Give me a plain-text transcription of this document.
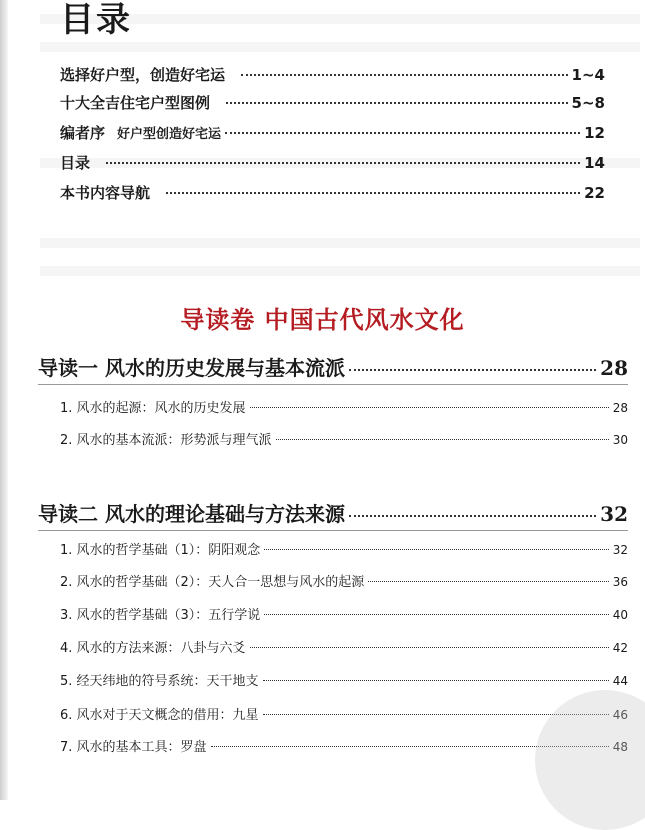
目录
选择好户型，创造好宅运	1~4
十大全吉住宅户型图例	5~8
编者序 好户型创造好宅运	12
目录	14
本书内容导航	22
导读卷 中国古代风水文化
导读一 风水的历史发展与基本流派	28
1. 风水的起源：风水的历史发展	28
2. 风水的基本流派：形势派与理气派	30
导读二 风水的理论基础与方法来源	32
1. 风水的哲学基础（1）：阴阳观念	32
2. 风水的哲学基础（2）：天人合一思想与风水的起源	36
3. 风水的哲学基础（3）：五行学说	40
4. 风水的方法来源：八卦与六爻	42
5. 经天纬地的符号系统：天干地支	44
6. 风水对于天文概念的借用：九星	46
7. 风水的基本工具：罗盘	48
